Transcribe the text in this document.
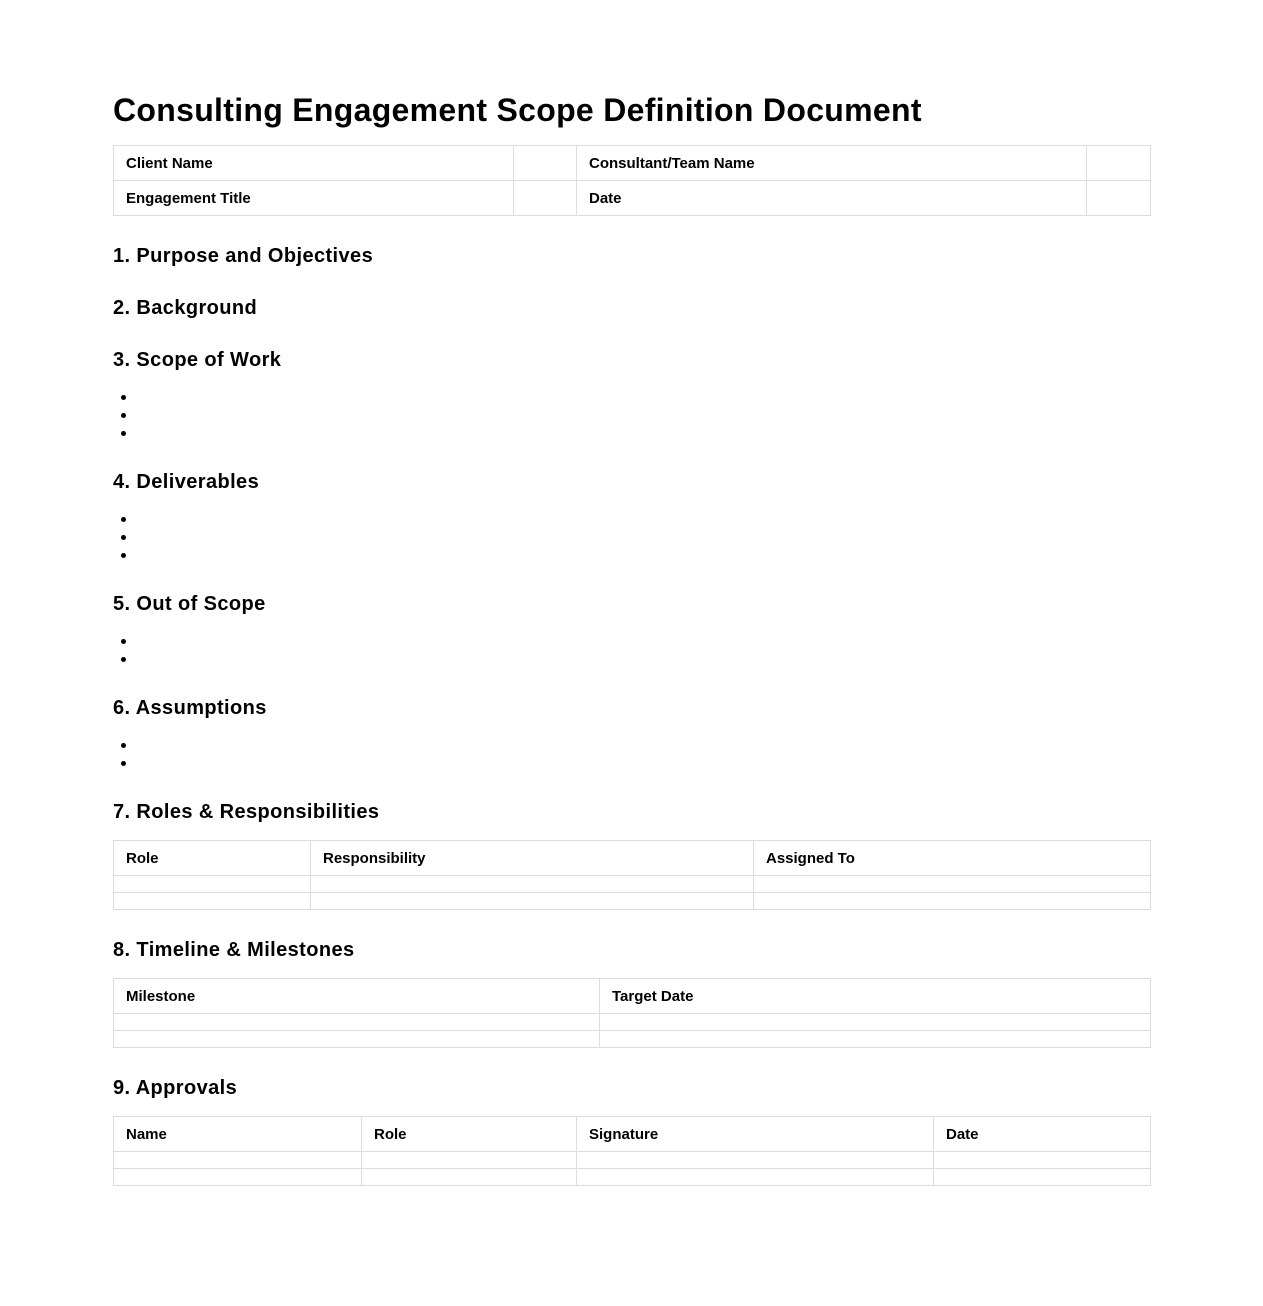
Consulting Engagement Scope Definition Document
Client Name		Consultant/Team Name	
Engagement Title		Date	
1. Purpose and Objectives
2. Background
3. Scope of Work
4. Deliverables
5. Out of Scope
6. Assumptions
7. Roles & Responsibilities
Role	Responsibility	Assigned To

8. Timeline & Milestones
Milestone	Target Date

9. Approvals
Name	Role	Signature	Date
